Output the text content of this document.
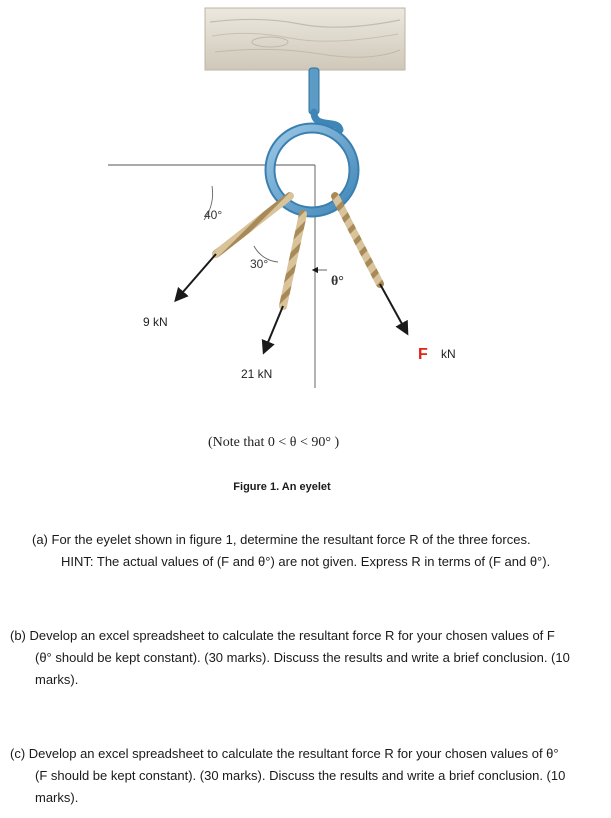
40°
30°
θ°
9 kN
21 kN
F kN
(Note that 0 < θ < 90° )
Figure 1. An eyelet
(a) For the eyelet shown in figure 1, determine the resultant force R of the three forces.
HINT: The actual values of (F and θ°) are not given. Express R in terms of (F and θ°).
(b) Develop an excel spreadsheet to calculate the resultant force R for your chosen values of F
(θ° should be kept constant). (30 marks). Discuss the results and write a brief conclusion. (10
marks).
(c) Develop an excel spreadsheet to calculate the resultant force R for your chosen values of θ°
(F should be kept constant). (30 marks). Discuss the results and write a brief conclusion. (10
marks).
